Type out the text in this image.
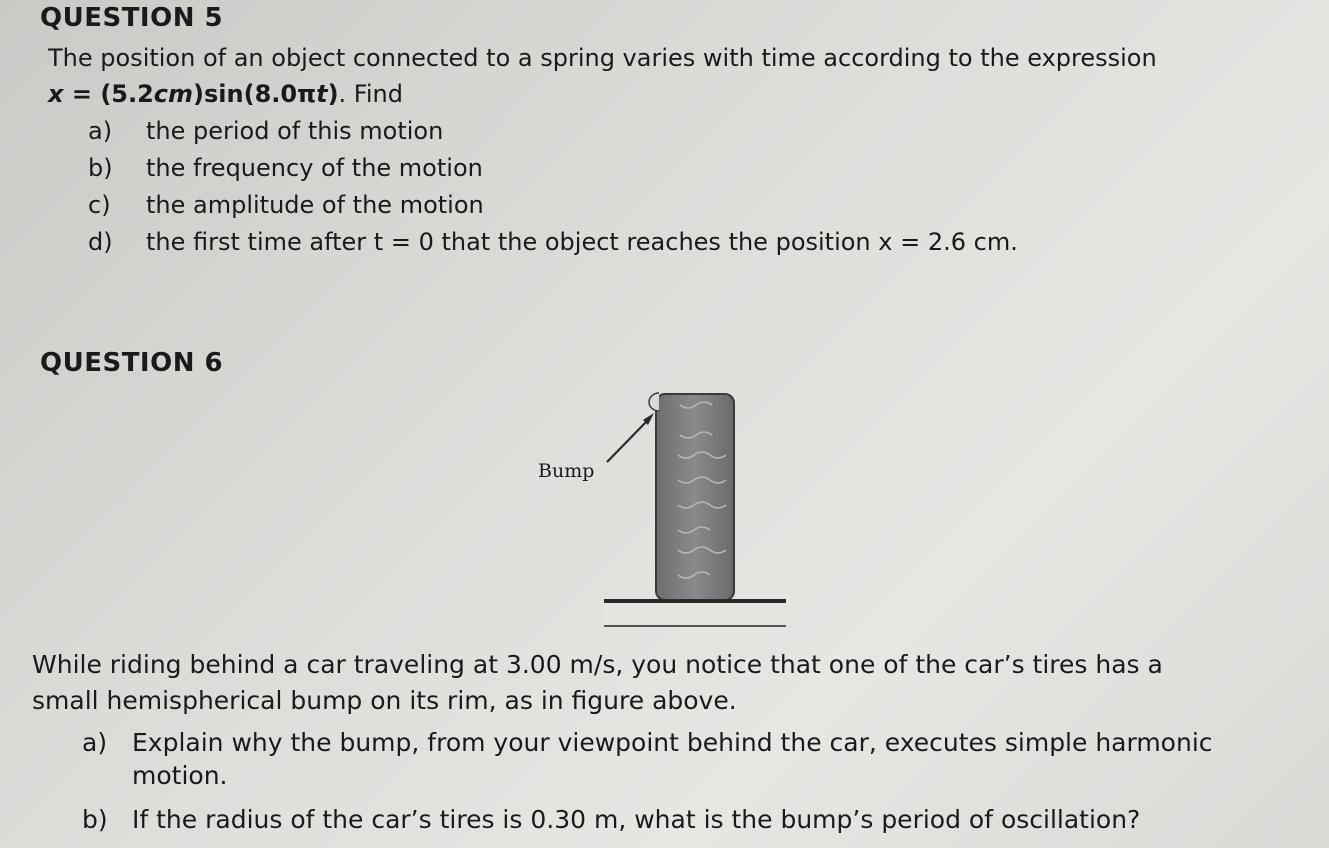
QUESTION 5
The position of an object connected to a spring varies with time according to the expression
x = (5.2cm)sin(8.0πt). Find
a) the period of this motion
b) the frequency of the motion
c) the amplitude of the motion
d) the first time after t = 0 that the object reaches the position x = 2.6 cm.
QUESTION 6
Bump
While riding behind a car traveling at 3.00 m/s, you notice that one of the car’s tires has a
small hemispherical bump on its rim, as in figure above.
a) Explain why the bump, from your viewpoint behind the car, executes simple harmonic
motion.
b) If the radius of the car’s tires is 0.30 m, what is the bump’s period of oscillation?
